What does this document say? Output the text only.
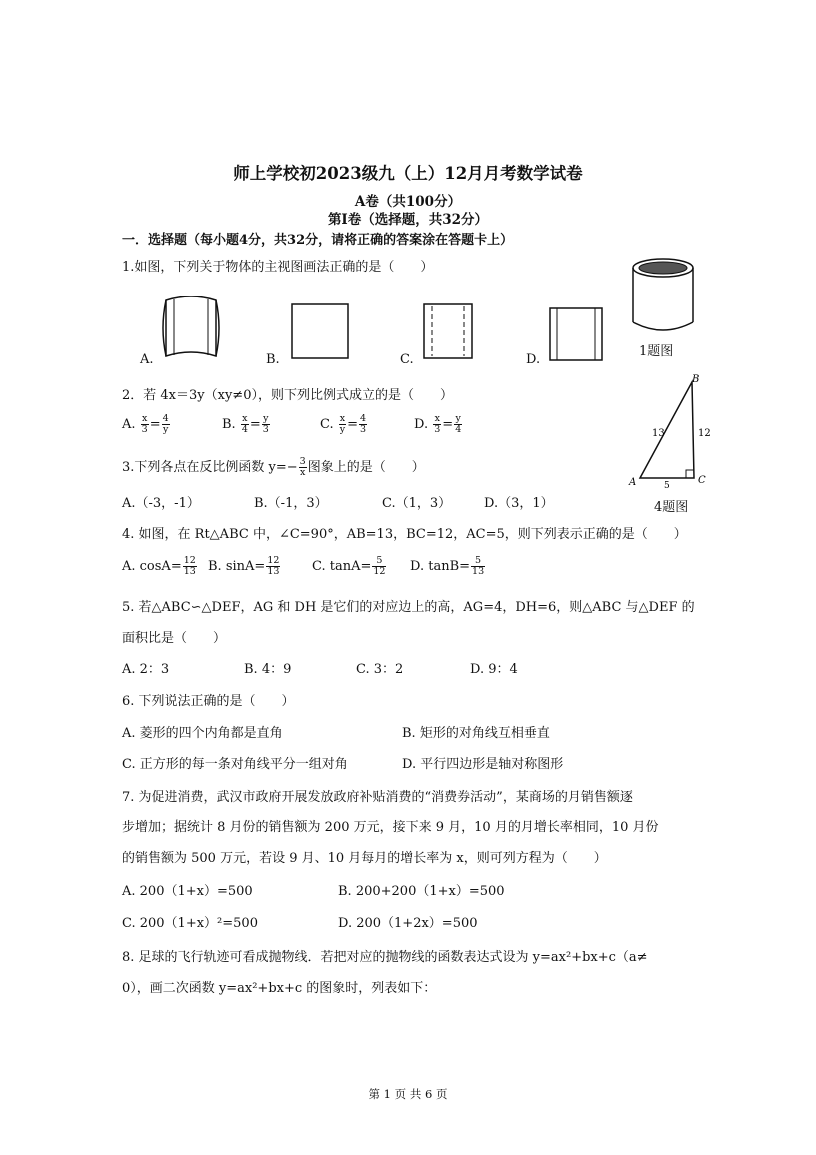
师上学校初2023级九（上）12月月考数学试卷
A卷（共100分）
第Ⅰ卷（选择题，共32分）
一．选择题（每小题4分，共32分，请将正确的答案涂在答题卡上）
1.如图，下列关于物体的主视图画法正确的是（　　）
A.	B.	C.	D.
1题图
2．若 4x＝3y（xy≠0），则下列比例式成立的是（　　）
A. $\frac{x}{3} = \frac{4}{y}$	B. $\frac{x}{4} = \frac{y}{3}$	C. $\frac{x}{y} = \frac{4}{3}$	D. $\frac{x}{3} = \frac{y}{4}$
A
B
C
13	12
5
4题图
3.下列各点在反比例函数 $y=- \frac{3}{x}$ 图象上的是（　　）
A.（-3，-1）	B.（-1，3）	C.（1，3）	D.（3，1）
4. 如图，在 Rt△ABC 中，∠C=90°，AB=13，BC=12，AC=5，则下列表示正确的是（　　）
A. $\cos A= \frac{12}{13} B$. $\sin A= \frac{12}{13} C$. $\tan A= \frac{5}{12} D$. $\tan B= \frac{5}{13}$
5. 若△ABC∽△DEF，AG 和 DH 是它们的对应边上的高，AG=4，DH=6，则△ABC 与△DEF 的
面积比是（　　）
A. 2：3	B. 4：9	C. 3：2	D. 9：4
6. 下列说法正确的是（　　）
A. 菱形的四个内角都是直角	B. 矩形的对角线互相垂直
C. 正方形的每一条对角线平分一组对角	D. 平行四边形是轴对称图形
7. 为促进消费，武汉市政府开展发放政府补贴消费的“消费券活动”，某商场的月销售额逐
步增加；据统计 8 月份的销售额为 200 万元，接下来 9 月，10 月的月增长率相同，10 月份
的销售额为 500 万元，若设 9 月、10 月每月的增长率为 x，则可列方程为（　　）
A. 200（1+x）=500	B. 200+200（1+x）=500
C. 200（1+x）²=500	D. 200（1+2x）=500
8. 足球的飞行轨迹可看成抛物线．若把对应的抛物线的函数表达式设为 y=ax²+bx+c（a≠
0），画二次函数 y=ax²+bx+c 的图象时，列表如下：
第 1 页 共 6 页
